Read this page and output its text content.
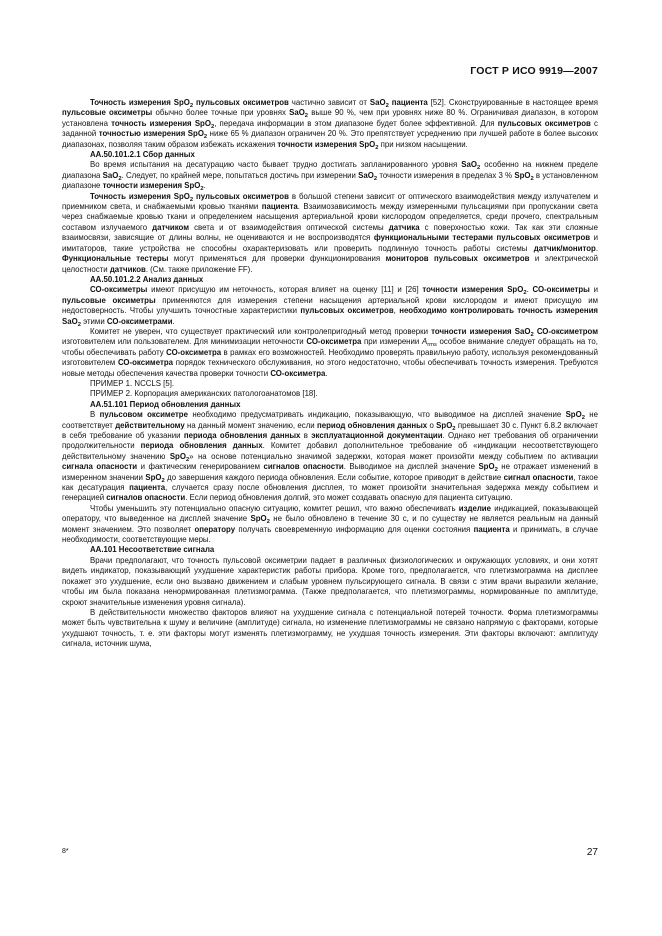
ГОСТ Р ИСО 9919—2007

Точность измерения SpO$_2$ пульсовых оксиметров частично зависит от SaO$_2$ пациента [52]. Сконструированные в настоящее время пульсовые оксиметры обычно более точные при уровнях SaO$_2$ выше 90 %, чем при уровнях ниже 80 %. Ограничивая диапазон, в котором установлена точность измерения SpO$_2$, передача информации в этом диапазоне будет более эффективной. Для пульсовых оксиметров с заданной точностью измерения SpO$_2$ ниже 65 % диапазон ограничен 20 %. Это препятствует усреднению при лучшей работе в более высоких диапазонах, позволяя таким образом избежать искажения точности измерения SpO$_2$ при низком насыщении.

АА.50.101.2.1 Сбор данных

Во время испытания на десатурацию часто бывает трудно достигать запланированного уровня SaO$_2$ особенно на нижнем пределе диапазона SaO$_2$. Следует, по крайней мере, попытаться достичь при измерении SaO$_2$ точности измерения в пределах 3 % SpO$_2$ в установленном диапазоне точности измерения SpO$_2$.

Точность измерения SpO$_2$ пульсовых оксиметров в большой степени зависит от оптического взаимодействия между излучателем и приемником света, и снабжаемыми кровью тканями пациента. Взаимозависимость между измеренными пульсациями при пропускании света через снабжаемые кровью ткани и определением насыщения артериальной крови кислородом определяется, среди прочего, спектральным составом излучаемого датчиком света и от взаимодействия оптической системы датчика с поверхностью кожи. Так как эти сложные взаимосвязи, зависящие от длины волны, не оцениваются и не воспроизводятся функциональными тестерами пульсовых оксиметров и имитаторов, такие устройства не способны охарактеризовать или проверить подлинную точность работы системы датчик/монитор. Функциональные тестеры могут применяться для проверки функционирования мониторов пульсовых оксиметров и электрической целостности датчиков. (См. также приложение FF).

АА.50.101.2.2 Анализ данных

СО-оксиметры имеют присущую им неточность, которая влияет на оценку [11] и [26] точности измерения SpO$_2$. СО-оксиметры и пульсовые оксиметры применяются для измерения степени насыщения артериальной крови кислородом и имеют присущую им недостоверность. Чтобы улучшить точностные характеристики пульсовых оксиметров, необходимо контролировать точность измерения SaO$_2$ этими СО-оксиметрами.

Комитет не уверен, что существует практический или контролепригодный метод проверки точности измерения SaO$_2$ СО-оксиметром изготовителем или пользователем. Для минимизации неточности СО-оксиметра при измерении $A_{rms}$ особое внимание следует обращать на то, чтобы обеспечивать работу СО-оксиметра в рамках его возможностей. Необходимо проверять правильную работу, используя рекомендованный изготовителем СО-оксиметра порядок технического обслуживания, но этого недостаточно, чтобы обеспечивать точность измерения. Требуются новые методы обеспечения качества проверки точности СО-оксиметра.

ПРИМЕР 1. NCCLS [5].

ПРИМЕР 2. Корпорация американских патологоанатомов [18].

АА.51.101 Период обновления данных

В пульсовом оксиметре необходимо предусматривать индикацию, показывающую, что выводимое на дисплей значение SpO$_2$ не соответствует действительному на данный момент значению, если период обновления данных о SpO$_2$ превышает 30 с. Пункт 6.8.2 включает в себя требование об указании периода обновления данных в эксплуатационной документации. Однако нет требования об ограничении продолжительности периода обновления данных. Комитет добавил дополнительное требование об «индикации несоответствующего действительному значению SpO$_2$» на основе потенциально значимой задержки, которая может произойти между событием по активации сигнала опасности и фактическим генерированием сигналов опасности. Выводимое на дисплей значение SpO$_2$ не отражает изменений в измеренном значении SpO$_2$ до завершения каждого периода обновления. Если событие, которое приводит в действие сигнал опасности, такое как десатурация пациента, случается сразу после обновления дисплея, то может произойти значительная задержка между событием и генерацией сигналов опасности. Если период обновления долгий, это может создавать опасную для пациента ситуацию.

Чтобы уменьшить эту потенциально опасную ситуацию, комитет решил, что важно обеспечивать изделие индикацией, показывающей оператору, что выведенное на дисплей значение SpO$_2$ не было обновлено в течение 30 с, и по существу не является реальным на данный момент значением. Это позволяет оператору получать своевременную информацию для оценки состояния пациента и принимать, в случае необходимости, соответствующие меры.

АА.101 Несоответствие сигнала

Врачи предполагают, что точность пульсовой оксиметрии падает в различных физиологических и окружающих условиях, и они хотят видеть индикатор, показывающий ухудшение характеристик работы прибора. Кроме того, предполагается, что плетизмограмма на дисплее покажет это ухудшение, если оно вызвано движением и слабым уровнем пульсирующего сигнала. В связи с этим врачи выразили желание, чтобы им была показана ненормированная плетизмограмма. (Также предполагается, что плетизмограммы, нормированные по амплитуде, скроют значительные изменения уровня сигнала).

В действительности множество факторов влияют на ухудшение сигнала с потенциальной потерей точности. Форма плетизмограммы может быть чувствительна к шуму и величине (амплитуде) сигнала, но изменение плетизмограммы не связано напрямую с факторами, которые ухудшают точность, т. е. эти факторы могут изменять плетизмограмму, не ухудшая точность измерения. Эти факторы включают: амплитуду сигнала, источник шума,

8*	27
